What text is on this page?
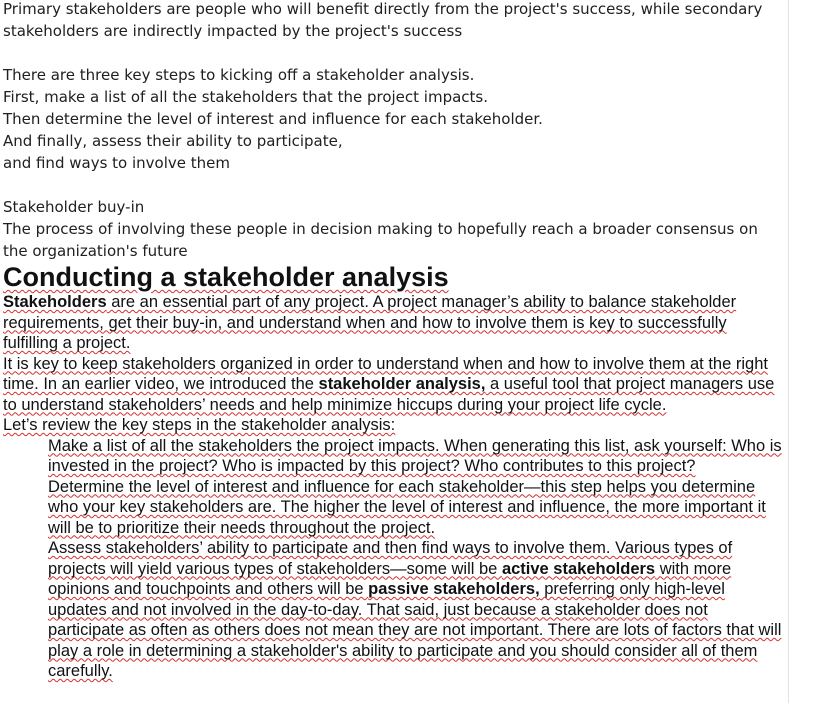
Primary stakeholders are people who will benefit directly from the project's success, while secondary stakeholders are indirectly impacted by the project's success

There are three key steps to kicking off a stakeholder analysis.

First, make a list of all the stakeholders that the project impacts.

Then determine the level of interest and influence for each stakeholder.

And finally, assess their ability to participate,

and find ways to involve them

Stakeholder buy-in

The process of involving these people in decision making to hopefully reach a broader consensus on the organization's future

Conducting a stakeholder analysis

Stakeholders are an essential part of any project. A project manager’s ability to balance stakeholder requirements, get their buy-in, and understand when and how to involve them is key to successfully fulfilling a project.

It is key to keep stakeholders organized in order to understand when and how to involve them at the right time. In an earlier video, we introduced the stakeholder analysis, a useful tool that project managers use to understand stakeholders’ needs and help minimize hiccups during your project life cycle.

Let’s review the key steps in the stakeholder analysis:

Make a list of all the stakeholders the project impacts. When generating this list, ask yourself: Who is invested in the project? Who is impacted by this project? Who contributes to this project?

Determine the level of interest and influence for each stakeholder—this step helps you determine who your key stakeholders are. The higher the level of interest and influence, the more important it will be to prioritize their needs throughout the project.

Assess stakeholders’ ability to participate and then find ways to involve them. Various types of projects will yield various types of stakeholders—some will be active stakeholders with more opinions and touchpoints and others will be passive stakeholders, preferring only high-level updates and not involved in the day-to-day. That said, just because a stakeholder does not participate as often as others does not mean they are not important. There are lots of factors that will play a role in determining a stakeholder's ability to participate and you should consider all of them carefully.
